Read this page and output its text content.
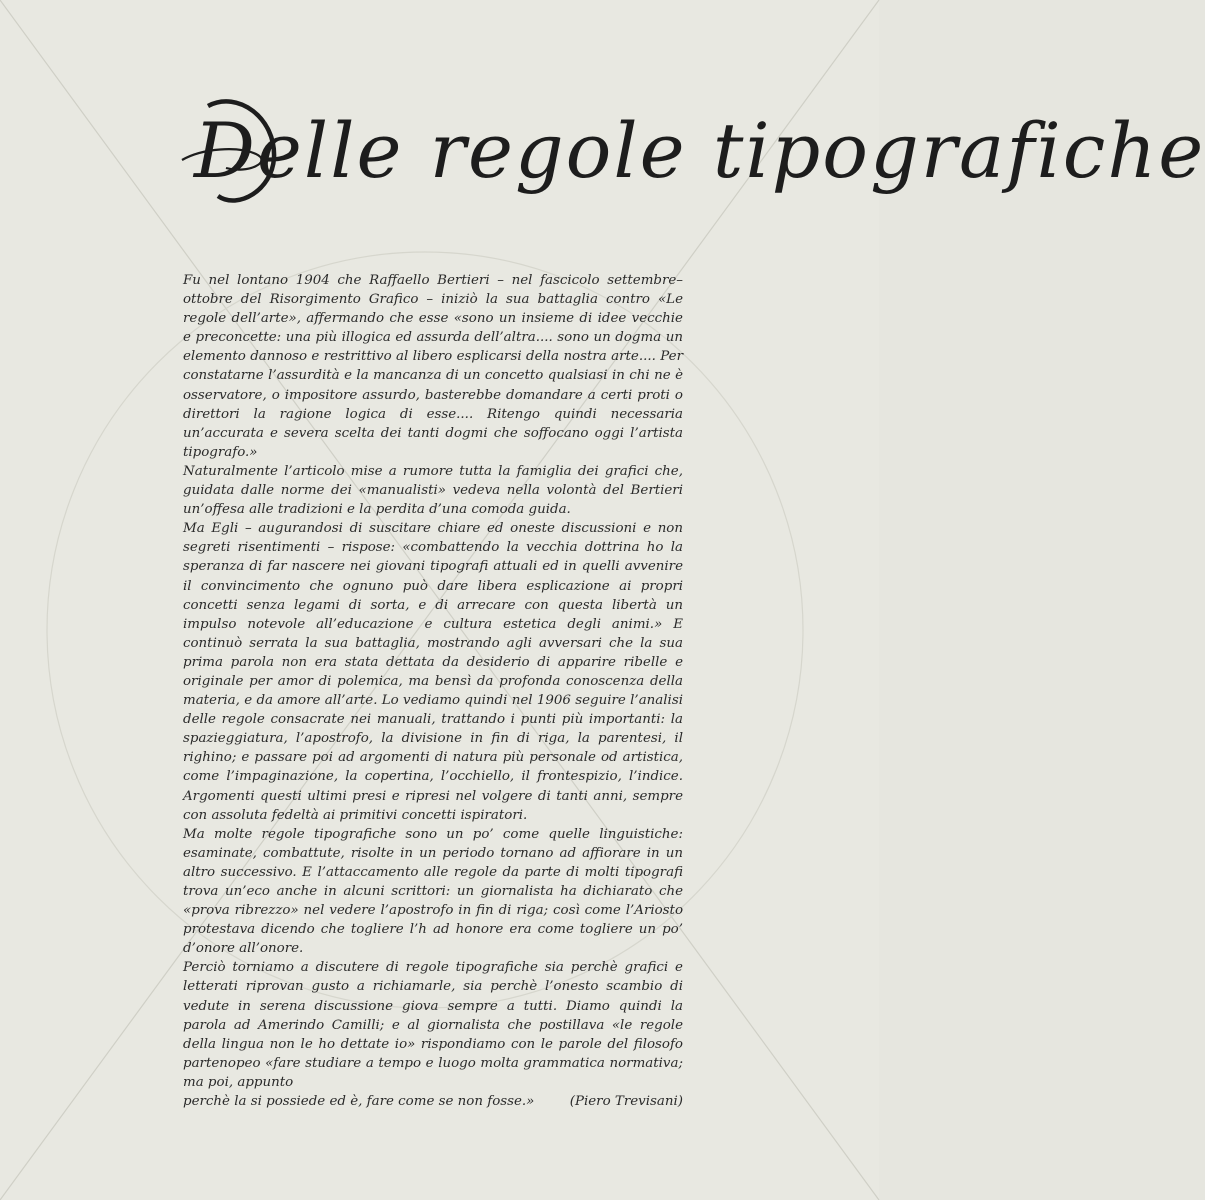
Delle regole tipografiche

Fu nel lontano 1904 che Raffaello Bertieri – nel fascicolo settembre–ottobre del Risorgimento Grafico – iniziò la sua battaglia contro «Le regole dell’arte», affermando che esse «sono un insieme di idee vecchie e preconcette: una più illogica ed assurda dell’altra.... sono un dogma un elemento dannoso e restrittivo al libero esplicarsi della nostra arte.... Per constatarne l’assurdità e la mancanza di un concetto qualsiasi in chi ne è osservatore, o impositore assurdo, basterebbe domandare a certi proti o direttori la ragione logica di esse.... Ritengo quindi necessaria un’accurata e severa scelta dei tanti dogmi che soffocano oggi l’artista tipografo.»

Naturalmente l’articolo mise a rumore tutta la famiglia dei grafici che, guidata dalle norme dei «manualisti» vedeva nella volontà del Bertieri un’offesa alle tradizioni e la perdita d’una comoda guida.

Ma Egli – augurandosi di suscitare chiare ed oneste discussioni e non segreti risentimenti – rispose: «combattendo la vecchia dottrina ho la speranza di far nascere nei giovani tipografi attuali ed in quelli avvenire il convincimento che ognuno può dare libera esplicazione ai propri concetti senza legami di sorta, e di arrecare con questa libertà un impulso notevole all’educazione e cultura estetica degli animi.» E continuò serrata la sua battaglia, mostrando agli avversari che la sua prima parola non era stata dettata da desiderio di apparire ribelle e originale per amor di polemica, ma bensì da profonda conoscenza della materia, e da amore all’arte. Lo vediamo quindi nel 1906 seguire l’analisi delle regole consacrate nei manuali, trattando i punti più importanti: la spazieggiatura, l’apostrofo, la divisione in fin di riga, la parentesi, il righino; e passare poi ad argomenti di natura più personale od artistica, come l’impaginazione, la copertina, l’occhiello, il frontespizio, l’indice. Argomenti questi ultimi presi e ripresi nel volgere di tanti anni, sempre con assoluta fedeltà ai primitivi concetti ispiratori.

Ma molte regole tipografiche sono un po’ come quelle linguistiche: esaminate, combattute, risolte in un periodo tornano ad affiorare in un altro successivo. E l’attaccamento alle regole da parte di molti tipografi trova un’eco anche in alcuni scrittori: un giornalista ha dichiarato che «prova ribrezzo» nel vedere l’apostrofo in fin di riga; così come l’Ariosto protestava dicendo che togliere l’h ad honore era come togliere un po’ d’onore all’onore.

Perciò torniamo a discutere di regole tipografiche sia perchè grafici e letterati riprovan gusto a richiamarle, sia perchè l’onesto scambio di vedute in serena discussione giova sempre a tutti. Diamo quindi la parola ad Amerindo Camilli; e al giornalista che postillava «le regole della lingua non le ho dettate io» rispondiamo con le parole del filosofo partenopeo «fare studiare a tempo e luogo molta grammatica normativa; ma poi, appunto

perchè la si possiede ed è, fare come se non fosse.»	(Piero Trevisani)
